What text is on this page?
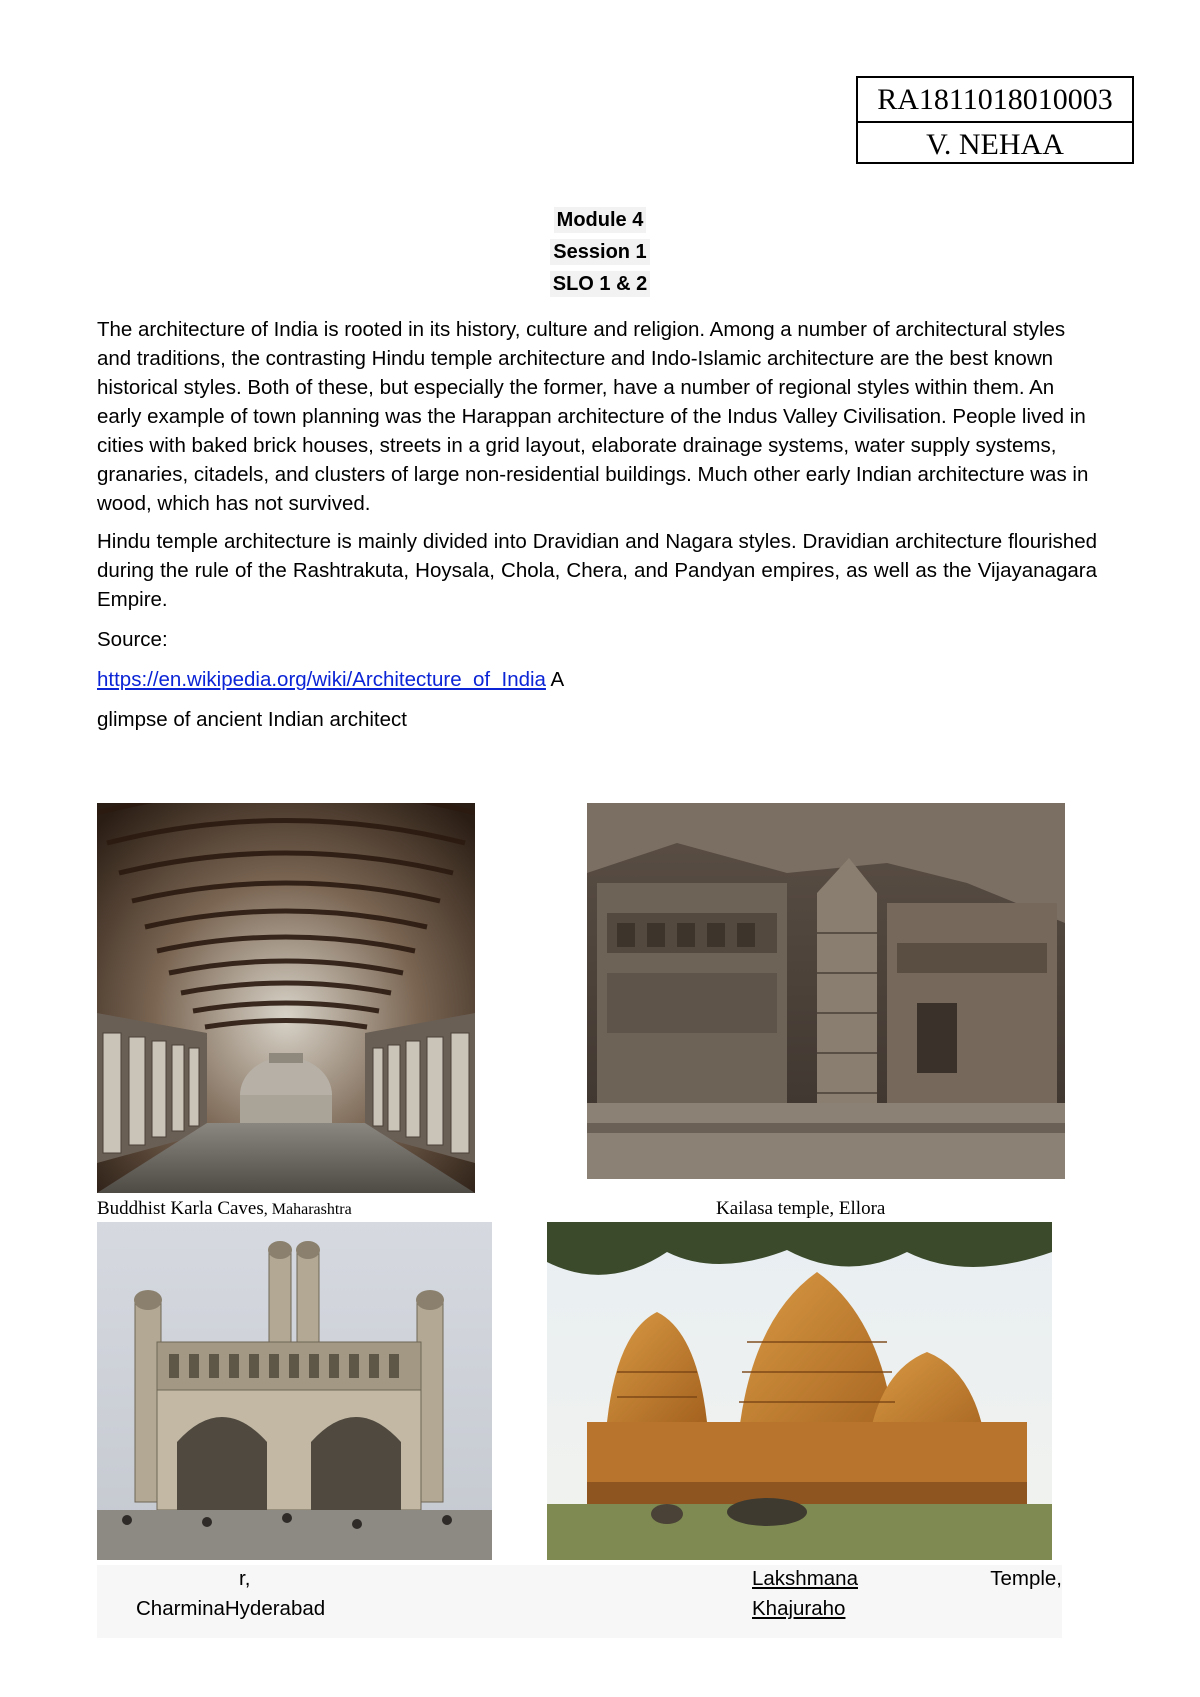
RA1811018010003
V. NEHAA
Module 4
Session 1
SLO 1 & 2

The architecture of India is rooted in its history, culture and religion. Among a number of architectural styles and traditions, the contrasting Hindu temple architecture and Indo-Islamic architecture are the best known historical styles. Both of these, but especially the former, have a number of regional styles within them. An early example of town planning was the Harappan architecture of the Indus Valley Civilisation. People lived in cities with baked brick houses, streets in a grid layout, elaborate drainage systems, water supply systems, granaries, citadels, and clusters of large non-residential buildings. Much other early Indian architecture was in wood, which has not survived.

Hindu temple architecture is mainly divided into Dravidian and Nagara styles. Dravidian architecture flourished during the rule of the Rashtrakuta, Hoysala, Chola, Chera, and Pandyan empires, as well as the Vijayanagara Empire.

Source:

https://en.wikipedia.org/wiki/Architecture_of_India A

glimpse of ancient Indian architect

Buddhist Karla Caves, Maharashtra	Kailasa temple, Ellora
r,
CharminaHyderabad
Lakshmana	Temple,
Khajuraho
